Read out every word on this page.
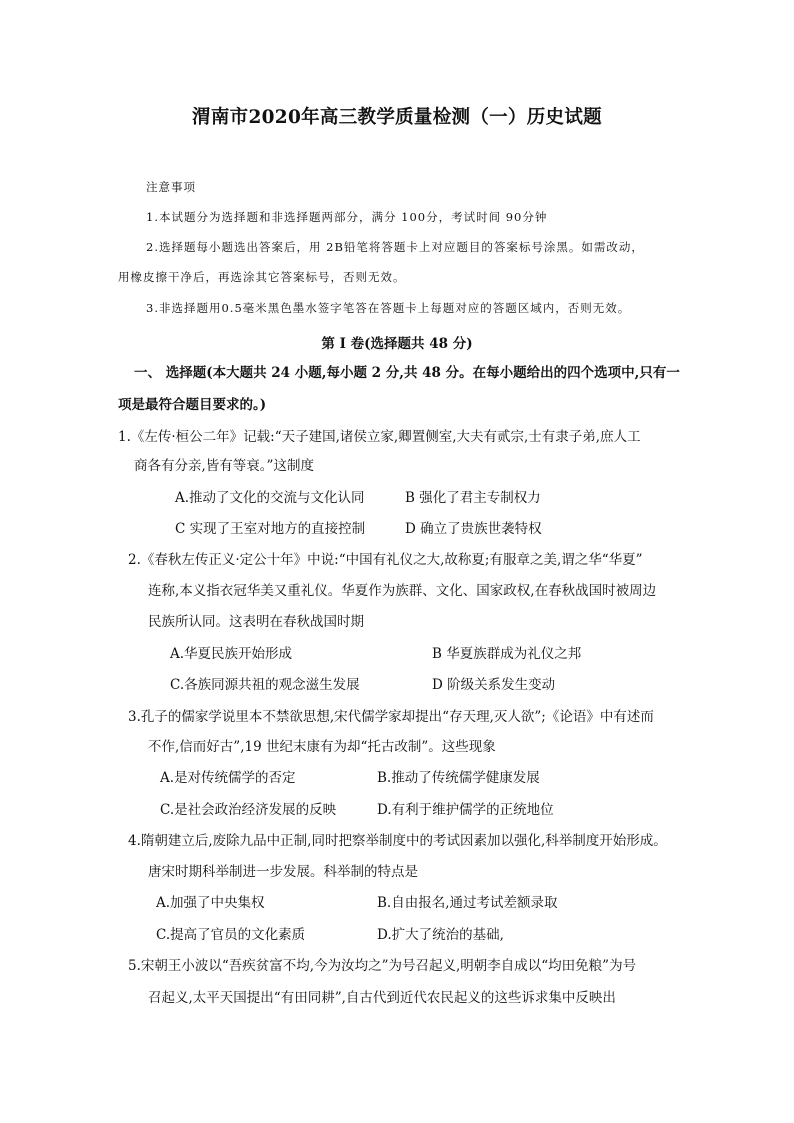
渭南市2020年高三教学质量检测（一）历史试题
注意事项
1.本试题分为选择题和非选择题两部分，满分 100分，考试时间 90分钟
2.选择题每小题选出答案后，用 2B铅笔将答题卡上对应题目的答案标号涂黑。如需改动，
用橡皮擦干净后，再选涂其它答案标号，否则无效。
3.非选择题用0.5毫米黑色墨水签字笔答在答题卡上每题对应的答题区域内，否则无效。
第 I 卷(选择题共 48 分)
一、 选择题(本大题共 24 小题,每小题 2 分,共 48 分。在每小题给出的四个选项中,只有一
项是最符合题目要求的。)
1.《左传·桓公二年》记载:“天子建国,诸侯立家,卿置侧室,大夫有贰宗,士有隶子弟,庶人工
商各有分亲,皆有等衰。”这制度
A.推动了文化的交流与文化认同	B 强化了君主专制权力
C 实现了王室对地方的直接控制	D 确立了贵族世袭特权
2.《春秋左传正义·定公十年》中说:“中国有礼仪之大,故称夏;有服章之美,谓之华“华夏”
连称,本义指衣冠华美又重礼仪。华夏作为族群、文化、国家政权,在春秋战国时被周边
民族所认同。这表明在春秋战国时期
A.华夏民族开始形成	B 华夏族群成为礼仪之邦
C.各族同源共祖的观念滋生发展	D 阶级关系发生变动
3.孔子的儒家学说里本不禁欲思想,宋代儒学家却提出“存天理,灭人欲”;《论语》中有述而
不作,信而好古”,19 世纪末康有为却“托古改制”。这些现象
A.是对传统儒学的否定	B.推动了传统儒学健康发展
C.是社会政治经济发展的反映	D.有利于维护儒学的正统地位
4.隋朝建立后,废除九品中正制,同时把察举制度中的考试因素加以强化,科举制度开始形成。
唐宋时期科举制进一步发展。科举制的特点是
A.加强了中央集权	B.自由报名,通过考试差额录取
C.提高了官员的文化素质	D.扩大了统治的基础,
5.宋朝王小波以“吾疾贫富不均,今为汝均之”为号召起义,明朝李自成以“均田免粮”为号
召起义,太平天国提出“有田同耕”,自古代到近代农民起义的这些诉求集中反映出
